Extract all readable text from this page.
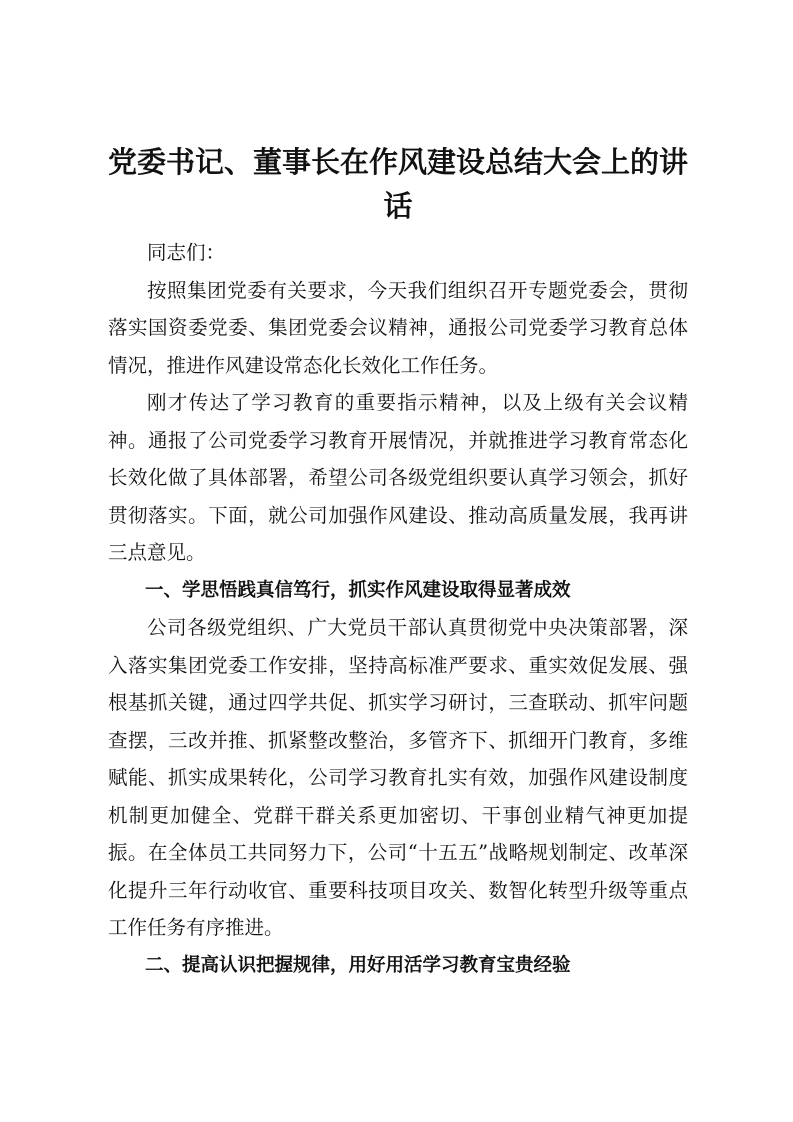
党委书记、董事长在作风建设总结大会上的讲话

同志们：

按照集团党委有关要求，今天我们组织召开专题党委会，贯彻落实国资委党委、集团党委会议精神，通报公司党委学习教育总体情况，推进作风建设常态化长效化工作任务。

刚才传达了学习教育的重要指示精神，以及上级有关会议精神。通报了公司党委学习教育开展情况，并就推进学习教育常态化长效化做了具体部署，希望公司各级党组织要认真学习领会，抓好贯彻落实。下面，就公司加强作风建设、推动高质量发展，我再讲三点意见。

一、学思悟践真信笃行，抓实作风建设取得显著成效

公司各级党组织、广大党员干部认真贯彻党中央决策部署，深入落实集团党委工作安排，坚持高标准严要求、重实效促发展、强根基抓关键，通过四学共促、抓实学习研讨，三查联动、抓牢问题查摆，三改并推、抓紧整改整治，多管齐下、抓细开门教育，多维赋能、抓实成果转化，公司学习教育扎实有效，加强作风建设制度机制更加健全、党群干群关系更加密切、干事创业精气神更加提振。在全体员工共同努力下，公司“十五五”战略规划制定、改革深化提升三年行动收官、重要科技项目攻关、数智化转型升级等重点工作任务有序推进。

二、提高认识把握规律，用好用活学习教育宝贵经验
